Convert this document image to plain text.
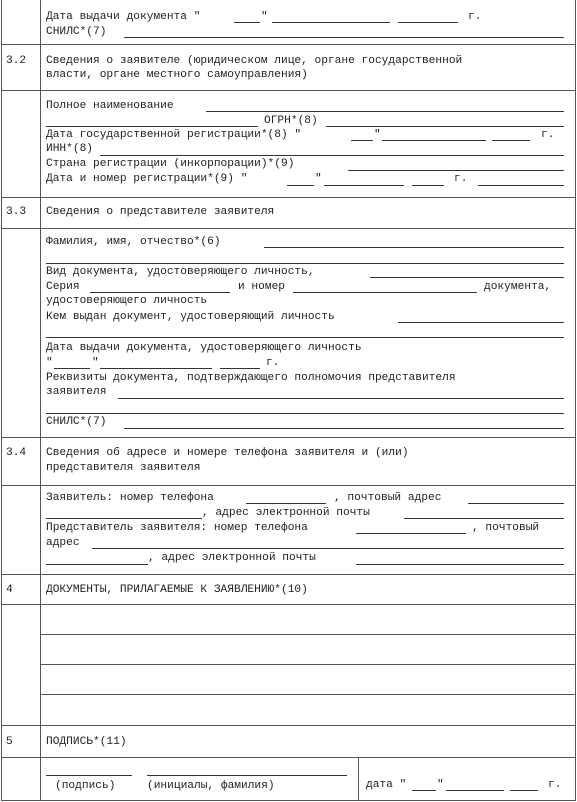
Дата выдачи документа "	"	г.
СНИЛС*(7)
3.2 Сведения о заявителе (юридическом лице, органе государственной
власти, органе местного самоуправления)
Полное наименование
ОГРН*(8)
Дата государственной регистрации*(8) "	"	г.
ИНН*(8)
Страна регистрации (инкорпорации)*(9)
Дата и номер регистрации*(9) "	"	г.
3.3 Сведения о представителе заявителя
Фамилия, имя, отчество*(6)
Вид документа, удостоверяющего личность,
Серия	и номер	документа,
удостоверяющего личность
Кем выдан документ, удостоверяющий личность
Дата выдачи документа, удостоверяющего личность
"	"	г.
Реквизиты документа, подтверждающего полномочия представителя
заявителя
СНИЛС*(7)
3.4 Сведения об адресе и номере телефона заявителя и (или)
представителя заявителя
Заявитель: номер телефона	, почтовый адрес
, адрес электронной почты
Представитель заявителя: номер телефона	, почтовый
адрес
, адрес электронной почты
4	ДОКУМЕНТЫ, ПРИЛАГАЕМЫЕ К ЗАЯВЛЕНИЮ*(10)
5	ПОДПИСЬ*(11)
(подпись)	(инициалы, фамилия)	дата "	"	г.
